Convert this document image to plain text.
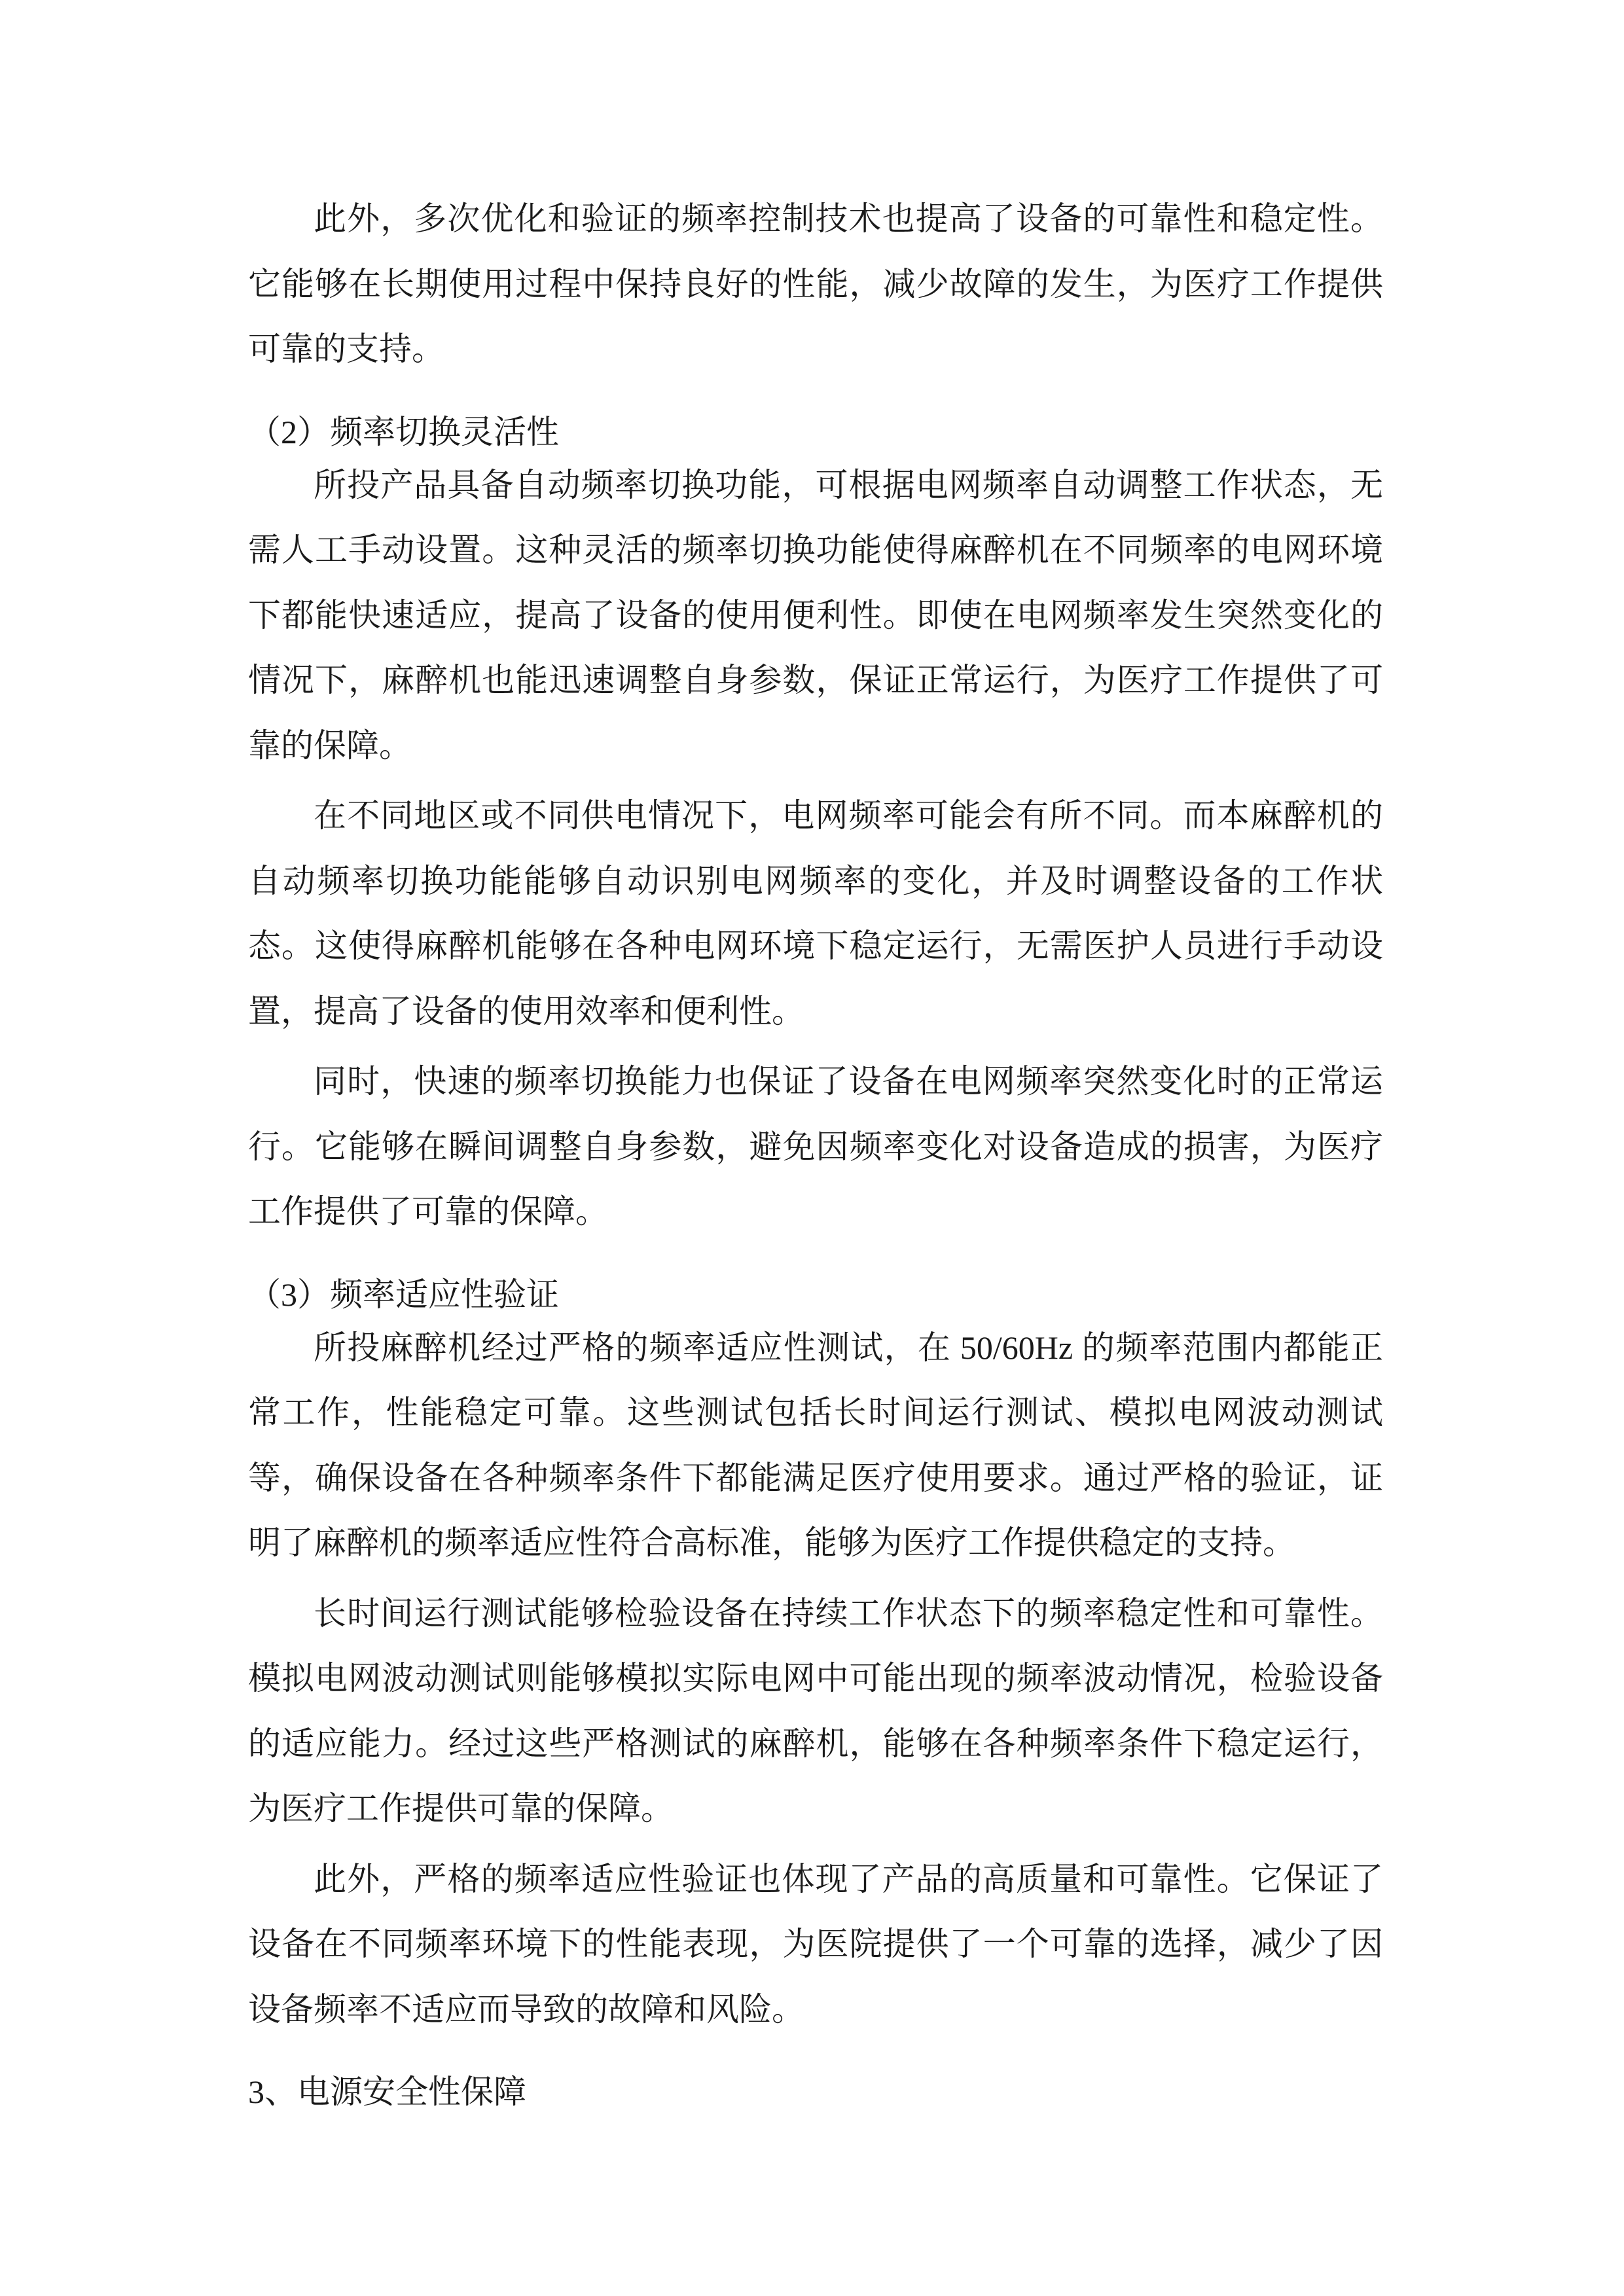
此外，多次优化和验证的频率控制技术也提高了设备的可靠性和稳定性。
它能够在长期使用过程中保持良好的性能，减少故障的发生，为医疗工作提供
可靠的支持。
（2）频率切换灵活性
所投产品具备自动频率切换功能，可根据电网频率自动调整工作状态，无
需人工手动设置。这种灵活的频率切换功能使得麻醉机在不同频率的电网环境
下都能快速适应，提高了设备的使用便利性。即使在电网频率发生突然变化的
情况下，麻醉机也能迅速调整自身参数，保证正常运行，为医疗工作提供了可
靠的保障。
在不同地区或不同供电情况下，电网频率可能会有所不同。而本麻醉机的
自动频率切换功能能够自动识别电网频率的变化，并及时调整设备的工作状
态。这使得麻醉机能够在各种电网环境下稳定运行，无需医护人员进行手动设
置，提高了设备的使用效率和便利性。
同时，快速的频率切换能力也保证了设备在电网频率突然变化时的正常运
行。它能够在瞬间调整自身参数，避免因频率变化对设备造成的损害，为医疗
工作提供了可靠的保障。
（3）频率适应性验证
所投麻醉机经过严格的频率适应性测试，在 50/60Hz 的频率范围内都能正
常工作，性能稳定可靠。这些测试包括长时间运行测试、模拟电网波动测试
等，确保设备在各种频率条件下都能满足医疗使用要求。通过严格的验证，证
明了麻醉机的频率适应性符合高标准，能够为医疗工作提供稳定的支持。
长时间运行测试能够检验设备在持续工作状态下的频率稳定性和可靠性。
模拟电网波动测试则能够模拟实际电网中可能出现的频率波动情况，检验设备
的适应能力。经过这些严格测试的麻醉机，能够在各种频率条件下稳定运行，
为医疗工作提供可靠的保障。
此外，严格的频率适应性验证也体现了产品的高质量和可靠性。它保证了
设备在不同频率环境下的性能表现，为医院提供了一个可靠的选择，减少了因
设备频率不适应而导致的故障和风险。
3、电源安全性保障
